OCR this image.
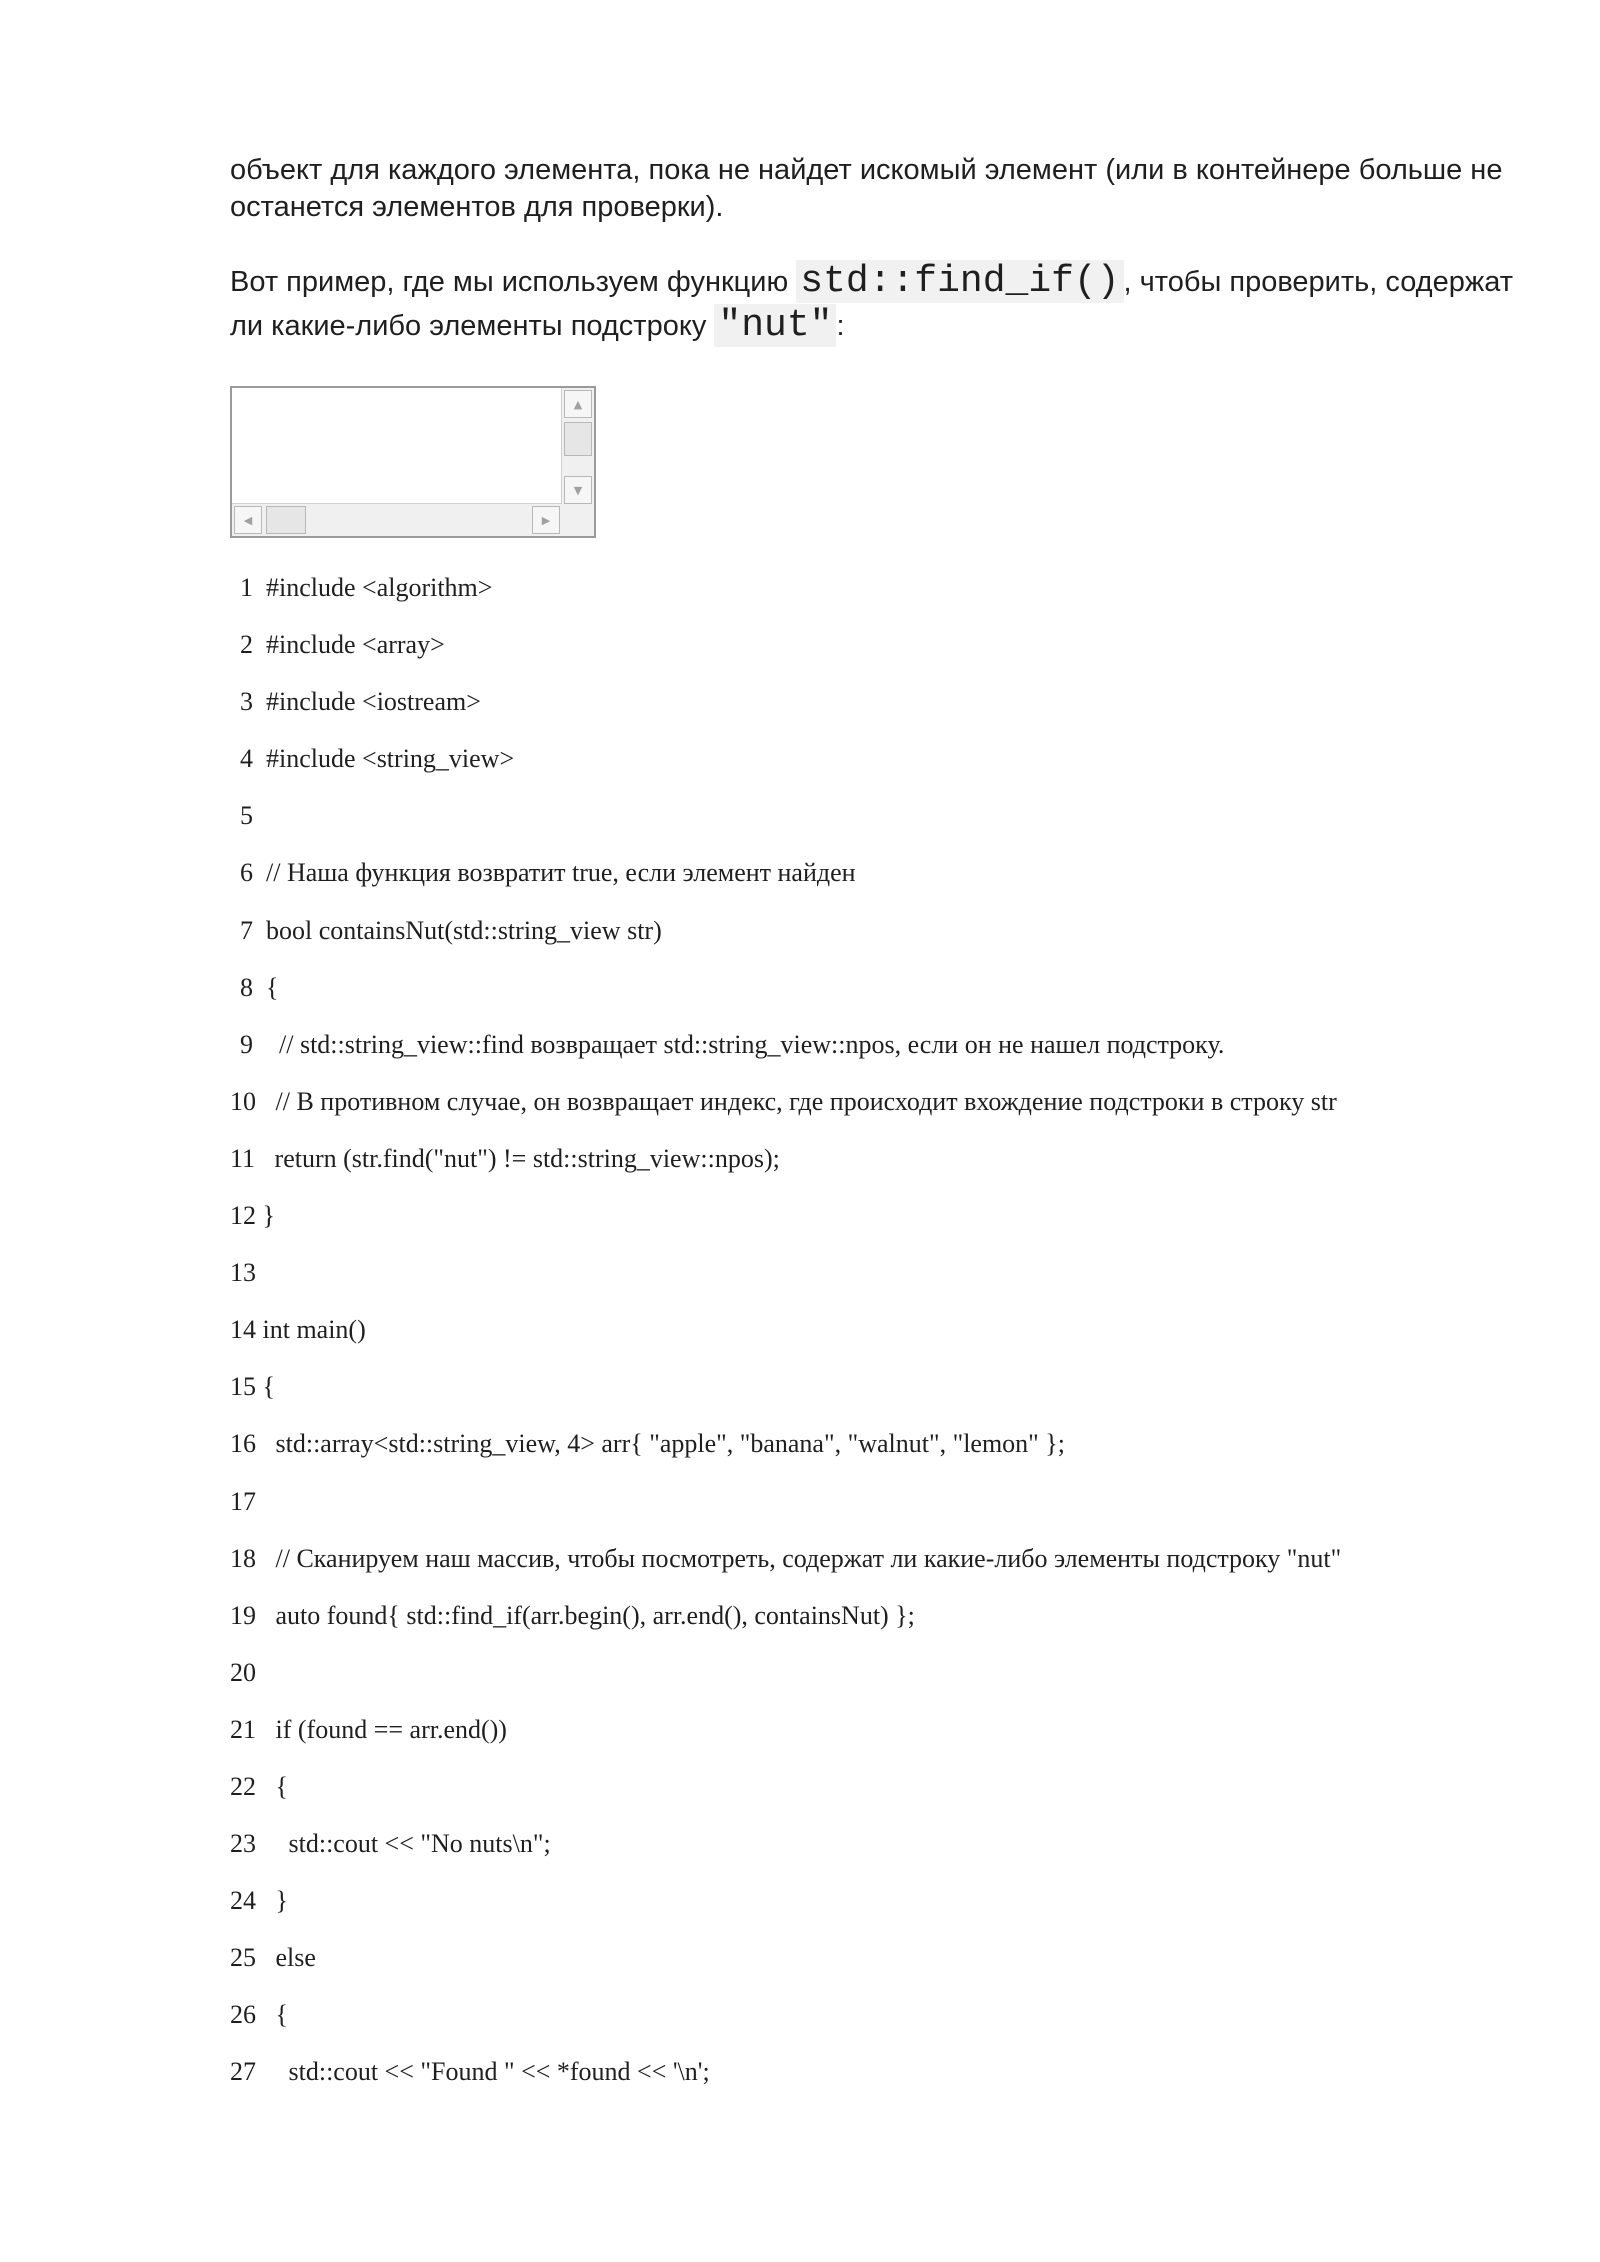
объект для каждого элемента, пока не найдет искомый элемент (или в контейнере больше не останется элементов для проверки).

Вот пример, где мы используем функцию std::find_if() , чтобы проверить, содержат ли какие-либо элементы подстроку "nut" :

▲
▼
◀	▶
1  #include <algorithm>
2  #include <array>
3  #include <iostream>
4  #include <string_view>
5
6  // Наша функция возвратит true, если элемент найден
7  bool containsNut(std::string_view str)
8  {
9    // std::string_view::find возвращает std::string_view::npos, если он не нашел подстроку.
10   // В противном случае, он возвращает индекс, где происходит вхождение подстроки в строку str
11   return (str.find("nut") != std::string_view::npos);
12 }
13
14 int main()
15 {
16   std::array<std::string_view, 4> arr{ "apple", "banana", "walnut", "lemon" };
17
18   // Сканируем наш массив, чтобы посмотреть, содержат ли какие-либо элементы подстроку "nut"
19   auto found{ std::find_if(arr.begin(), arr.end(), containsNut) };
20
21   if (found == arr.end())
22   {
23     std::cout << "No nuts\n";
24   }
25   else
26   {
27     std::cout << "Found " << *found << '\n';
